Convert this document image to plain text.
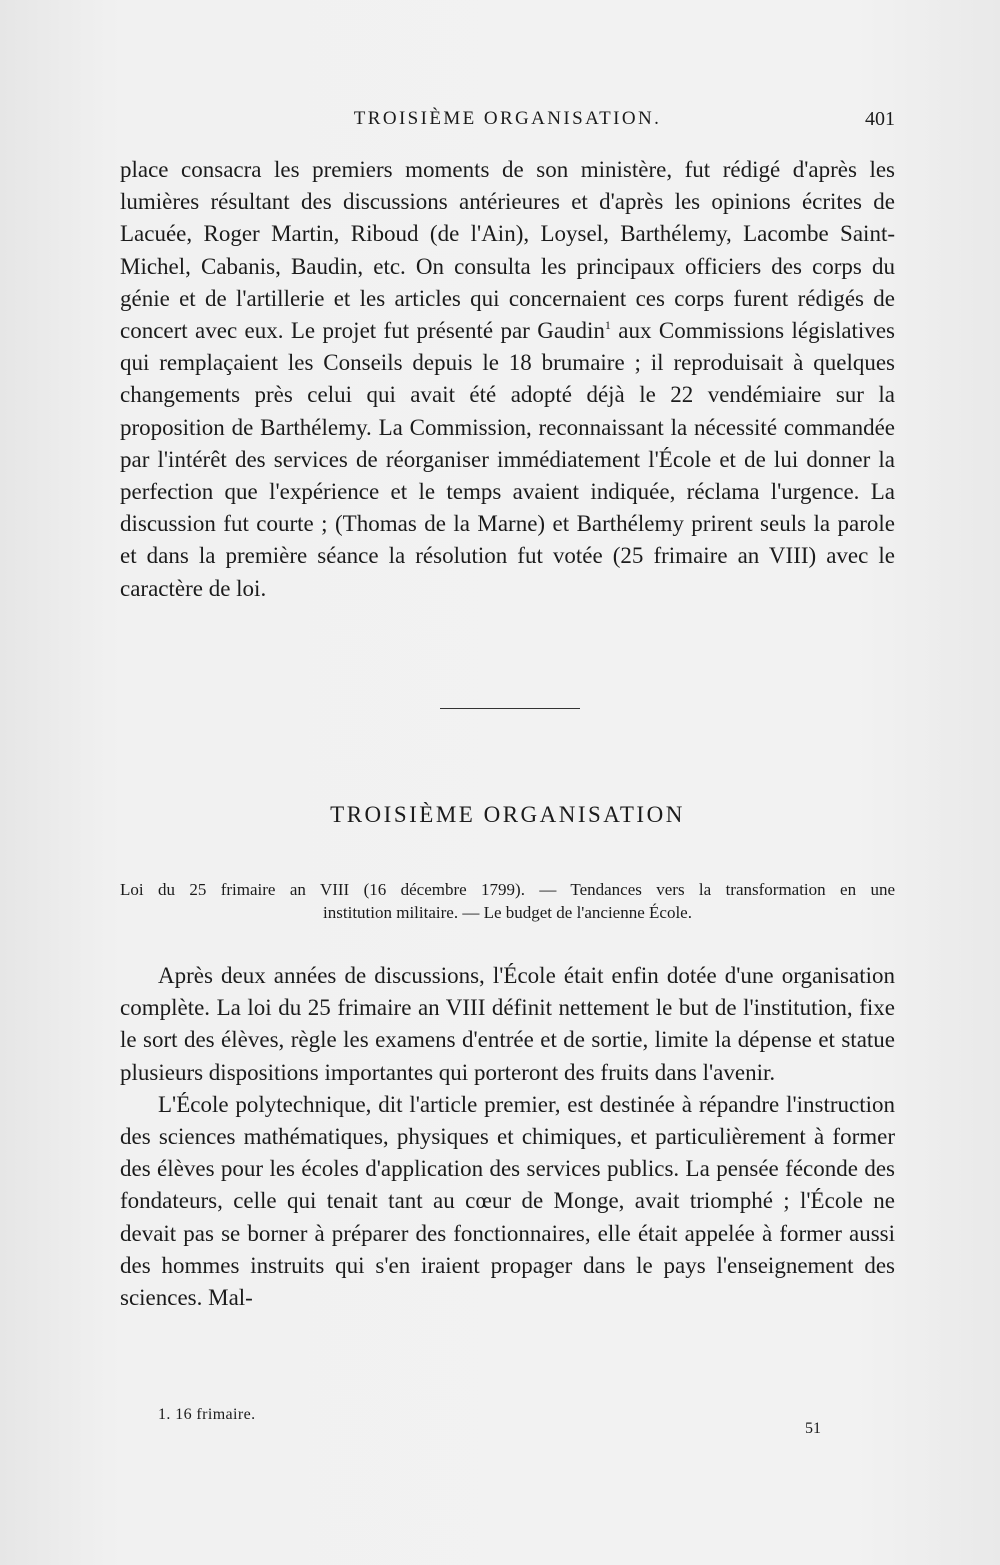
TROISIÈME ORGANISATION.	401

place consacra les premiers moments de son ministère, fut rédigé d'après les lumières résultant des discussions antérieures et d'après les opinions écrites de Lacuée, Roger Martin, Riboud (de l'Ain), Loysel, Barthélemy, Lacombe Saint-Michel, Cabanis, Baudin, etc. On consulta les principaux officiers des corps du génie et de l'artillerie et les articles qui concernaient ces corps furent rédigés de concert avec eux. Le projet fut présenté par Gaudin$^1$ aux Commissions législatives qui remplaçaient les Conseils depuis le 18 brumaire ; il reproduisait à quelques changements près celui qui avait été adopté déjà le 22 vendémiaire sur la proposition de Barthélemy. La Commission, reconnaissant la nécessité commandée par l'intérêt des services de réorganiser immédiatement l'École et de lui donner la perfection que l'expérience et le temps avaient indiquée, réclama l'urgence. La discussion fut courte ; (Thomas de la Marne) et Barthélemy prirent seuls la parole et dans la première séance la résolution fut votée (25 frimaire an VIII) avec le caractère de loi.

TROISIÈME ORGANISATION
Loi du 25 frimaire an VIII (16 décembre 1799). — Tendances vers la transformation en une
institution militaire. — Le budget de l'ancienne École.

Après deux années de discussions, l'École était enfin dotée d'une organisation complète. La loi du 25 frimaire an VIII définit nettement le but de l'institution, fixe le sort des élèves, règle les examens d'entrée et de sortie, limite la dépense et statue plusieurs dispositions importantes qui porteront des fruits dans l'avenir.

L'École polytechnique, dit l'article premier, est destinée à répandre l'instruction des sciences mathématiques, physiques et chimiques, et particulièrement à former des élèves pour les écoles d'application des services publics. La pensée féconde des fondateurs, celle qui tenait tant au cœur de Monge, avait triomphé ; l'École ne devait pas se borner à préparer des fonctionnaires, elle était appelée à former aussi des hommes instruits qui s'en iraient propager dans le pays l'enseignement des sciences. Mal-

1. 16 frimaire.
51
